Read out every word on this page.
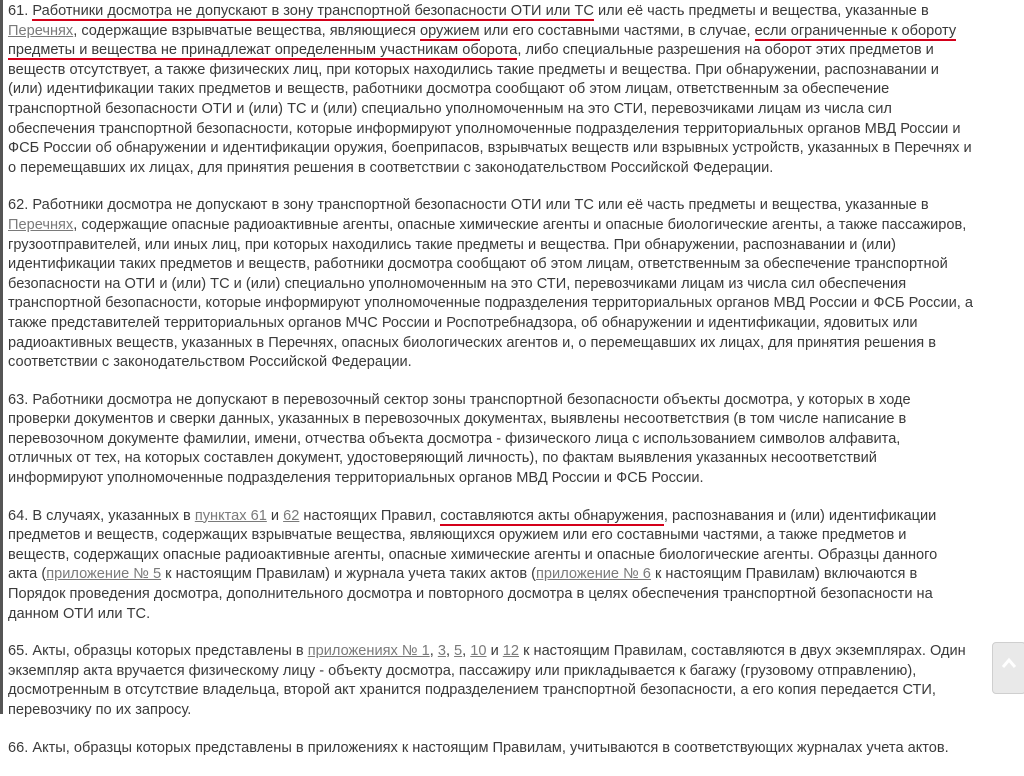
61. Работники досмотра не допускают в зону транспортной безопасности ОТИ или ТС или её часть предметы и вещества, указанные в
Перечнях, содержащие взрывчатые вещества, являющиеся оружием или его составными частями, в случае, если ограниченные к обороту
предметы и вещества не принадлежат определенным участникам оборота, либо специальные разрешения на оборот этих предметов и
веществ отсутствует, а также физических лиц, при которых находились такие предметы и вещества. При обнаружении, распознавании и
(или) идентификации таких предметов и веществ, работники досмотра сообщают об этом лицам, ответственным за обеспечение
транспортной безопасности ОТИ и (или) ТС и (или) специально уполномоченным на это СТИ, перевозчиками лицам из числа сил
обеспечения транспортной безопасности, которые информируют уполномоченные подразделения территориальных органов МВД России и
ФСБ России об обнаружении и идентификации оружия, боеприпасов, взрывчатых веществ или взрывных устройств, указанных в Перечнях и
о перемещавших их лицах, для принятия решения в соответствии с законодательством Российской Федерации.

62. Работники досмотра не допускают в зону транспортной безопасности ОТИ или ТС или её часть предметы и вещества, указанные в
Перечнях, содержащие опасные радиоактивные агенты, опасные химические агенты и опасные биологические агенты, а также пассажиров,
грузоотправителей, или иных лиц, при которых находились такие предметы и вещества. При обнаружении, распознавании и (или)
идентификации таких предметов и веществ, работники досмотра сообщают об этом лицам, ответственным за обеспечение транспортной
безопасности на ОТИ и (или) ТС и (или) специально уполномоченным на это СТИ, перевозчиками лицам из числа сил обеспечения
транспортной безопасности, которые информируют уполномоченные подразделения территориальных органов МВД России и ФСБ России, а
также представителей территориальных органов МЧС России и Роспотребнадзора, об обнаружении и идентификации, ядовитых или
радиоактивных веществ, указанных в Перечнях, опасных биологических агентов и, о перемещавших их лицах, для принятия решения в
соответствии с законодательством Российской Федерации.

63. Работники досмотра не допускают в перевозочный сектор зоны транспортной безопасности объекты досмотра, у которых в ходе
проверки документов и сверки данных, указанных в перевозочных документах, выявлены несоответствия (в том числе написание в
перевозочном документе фамилии, имени, отчества объекта досмотра - физического лица с использованием символов алфавита,
отличных от тех, на которых составлен документ, удостоверяющий личность), по фактам выявления указанных несоответствий
информируют уполномоченные подразделения территориальных органов МВД России и ФСБ России.

64. В случаях, указанных в пунктах 61 и 62 настоящих Правил, составляются акты обнаружения, распознавания и (или) идентификации
предметов и веществ, содержащих взрывчатые вещества, являющихся оружием или его составными частями, а также предметов и
веществ, содержащих опасные радиоактивные агенты, опасные химические агенты и опасные биологические агенты. Образцы данного
акта (приложение № 5 к настоящим Правилам) и журнала учета таких актов (приложение № 6 к настоящим Правилам) включаются в
Порядок проведения досмотра, дополнительного досмотра и повторного досмотра в целях обеспечения транспортной безопасности на
данном ОТИ или ТС.

65. Акты, образцы которых представлены в приложениях № 1, 3, 5, 10 и 12 к настоящим Правилам, составляются в двух экземплярах. Один
экземпляр акта вручается физическому лицу - объекту досмотра, пассажиру или прикладывается к багажу (грузовому отправлению),
досмотренным в отсутствие владельца, второй акт хранится подразделением транспортной безопасности, а его копия передается СТИ,
перевозчику по их запросу.

66. Акты, образцы которых представлены в приложениях к настоящим Правилам, учитываются в соответствующих журналах учета актов.
